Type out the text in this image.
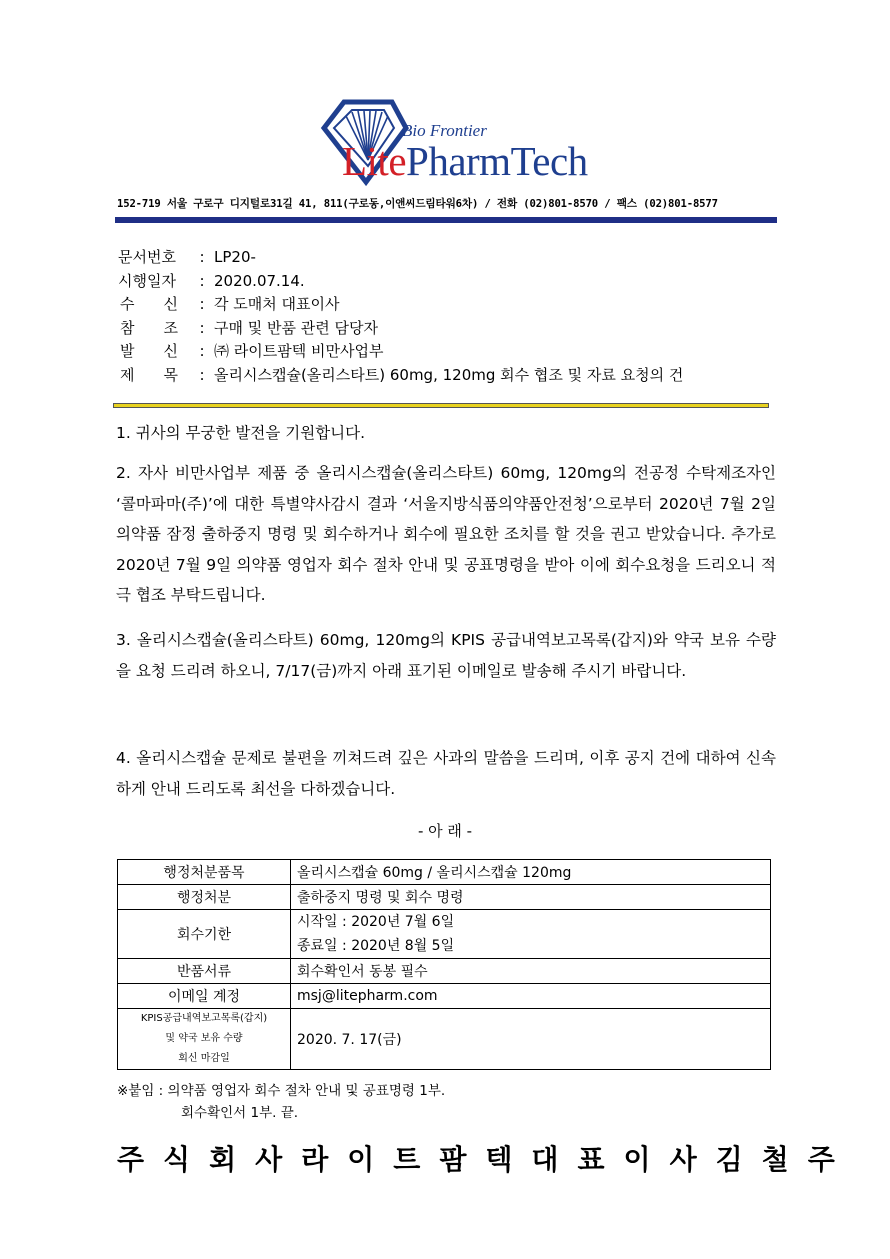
Bio Frontier
LitePharmTech
152-719 서울 구로구 디지털로31길 41, 811(구로동,이앤씨드림타워6차) / 전화 (02)801-8570 / 팩스 (02)801-8577
문서번호	: LP20-
시행일자	: 2020.07.14.
수 신	: 각 도매처 대표이사
참 조	: 구매 및 반품 관련 담당자
발 신	: ㈜ 라이트팜텍 비만사업부
제 목	: 올리시스캡슐(올리스타트) 60mg, 120mg 회수 협조 및 자료 요청의 건
1. 귀사의 무궁한 발전을 기원합니다.
2. 자사 비만사업부 제품 중 올리시스캡슐(올리스타트) 60mg, 120mg의 전공정 수탁제조자인 ‘콜마파마(주)’에 대한 특별약사감시 결과 ‘서울지방식품의약품안전청’으로부터 2020년 7월 2일 의약품 잠정 출하중지 명령 및 회수하거나 회수에 필요한 조치를 할 것을 권고 받았습니다. 추가로 2020년 7월 9일 의약품 영업자 회수 절차 안내 및 공표명령을 받아 이에 회수요청을 드리오니 적극 협조 부탁드립니다.
3. 올리시스캡슐(올리스타트) 60mg, 120mg의 KPIS 공급내역보고목록(갑지)와 약국 보유 수량을 요청 드리려 하오니, 7/17(금)까지 아래 표기된 이메일로 발송해 주시기 바랍니다.
4. 올리시스캡슐 문제로 불편을 끼쳐드려 깊은 사과의 말씀을 드리며, 이후 공지 건에 대하여 신속하게 안내 드리도록 최선을 다하겠습니다.
- 아 래 -
행정처분품목	올리시스캡슐 60mg / 올리시스캡슐 120mg
행정처분	출하중지 명령 및 회수 명령
회수기한	시작일 : 2020년 7월 6일
종료일 : 2020년 8월 5일

반품서류	회수확인서 동봉 필수
이메일 계정	msj@litepharm.com

KPIS공급내역보고목록(갑지)
및 약국 보유 수량
회신 마감일	2020. 7. 17(금)
※붙임 : 의약품 영업자 회수 절차 안내 및 공표명령 1부.
회수확인서 1부. 끝.
주식회사라이트팜텍대표이사김철주
